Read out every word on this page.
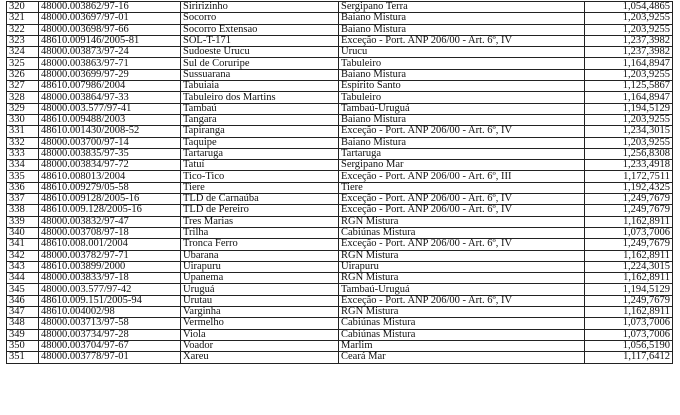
320	48000.003862/97-16	Siririzinho	Sergipano Terra	1,054,4865
321	48000.003697/97-01	Socorro	Baiano Mistura	1,203,9255
322	48000.003698/97-66	Socorro Extensao	Baiano Mistura	1,203,9255
323	48610.009146/2005-81	SOL-T-171	Exceção - Port. ANP 206/00 - Art. 6º, IV	1,237,3982
324	48000.003873/97-24	Sudoeste Urucu	Urucu	1,237,3982
325	48000.003863/97-71	Sul de Coruripe	Tabuleiro	1,164,8947
326	48000.003699/97-29	Sussuarana	Baiano Mistura	1,203,9255
327	48610.007986/2004	Tabuiaia	Espírito Santo	1,125,5867
328	48000.003864/97-33	Tabuleiro dos Martins	Tabuleiro	1,164,8947
329	48000.003.577/97-41	Tambaú	Tambaú-Uruguá	1,194,5129
330	48610.009488/2003	Tangara	Baiano Mistura	1,203,9255
331	48610.001430/2008-52	Tapiranga	Exceção - Port. ANP 206/00 - Art. 6º, IV	1,234,3015
332	48000.003700/97-14	Taquipe	Baiano Mistura	1,203,9255
333	48000.003835/97-35	Tartaruga	Tartaruga	1,256,8308
334	48000.003834/97-72	Tatuí	Sergipano Mar	1,233,4918
335	48610.008013/2004	Tico-Tico	Exceção - Port. ANP 206/00 - Art. 6º, III	1,172,7511
336	48610.009279/05-58	Tiere	Tiere	1,192,4325
337	48610.009128/2005-16	TLD de Carnaúba	Exceção - Port. ANP 206/00 - Art. 6º, IV	1,249,7679
338	48610.009.128/2005-16	TLD de Pereiro	Exceção - Port. ANP 206/00 - Art. 6º, IV	1,249,7679
339	48000.003832/97-47	Tres Marias	RGN Mistura	1,162,8911
340	48000.003708/97-18	Trilha	Cabiúnas Mistura	1,073,7006
341	48610.008.001/2004	Tronca Ferro	Exceção - Port. ANP 206/00 - Art. 6º, IV	1,249,7679
342	48000.003782/97-71	Ubarana	RGN Mistura	1,162,8911
343	48610.003899/2000	Uirapuru	Uirapuru	1,224,3015
344	48000.003833/97-18	Upanema	RGN Mistura	1,162,8911
345	48000.003.577/97-42	Uruguá	Tambaú-Uruguá	1,194,5129
346	48610.009.151/2005-94	Urutau	Exceção - Port. ANP 206/00 - Art. 6º, IV	1,249,7679
347	48610.004002/98	Varginha	RGN Mistura	1,162,8911
348	48000.003713/97-58	Vermelho	Cabiúnas Mistura	1,073,7006
349	48000.003734/97-28	Viola	Cabiúnas Mistura	1,073,7006
350	48000.003704/97-67	Voador	Marlim	1,056,5190
351	48000.003778/97-01	Xareu	Ceará Mar	1,117,6412
